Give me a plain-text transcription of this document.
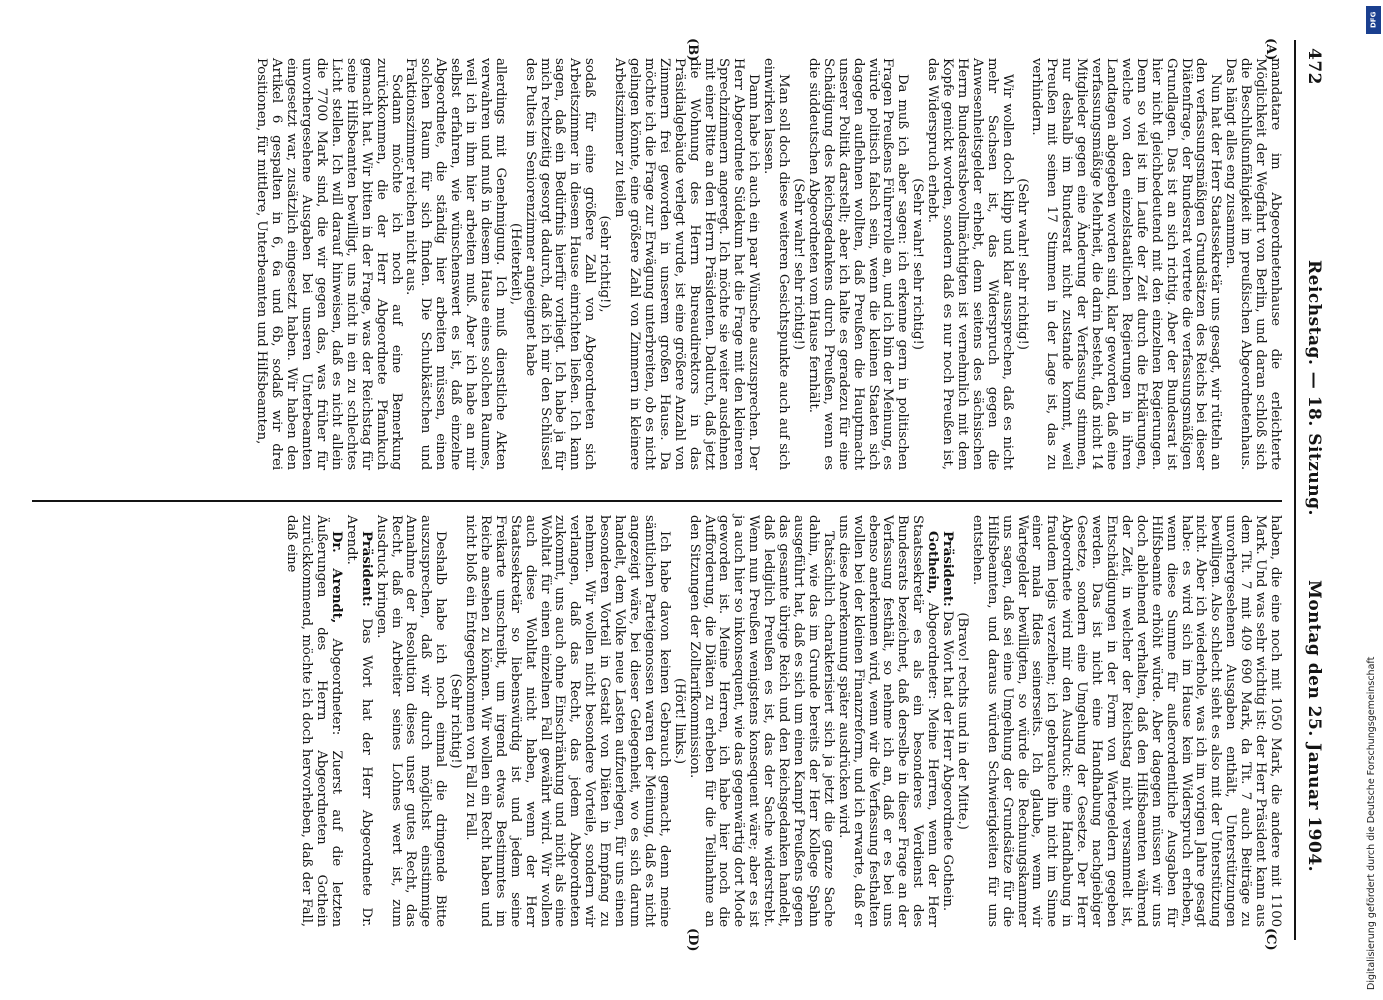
472
Reichstag. — 18. Sitzung.
Montag den 25. Januar 1904.
(A)
(B)
(C)
(D)

mandatare im Abgeordnetenhause die erleichterte Möglichkeit der Wegfahrt von Berlin, und daran schloß sich die Beschlußunfähigkeit im preußischen Abgeordnetenhaus. Das hängt alles eng zusammen.

Nun hat der Herr Staatssekretär uns gesagt, wir rütteln an den verfassungsmäßigen Grundsätzen des Reichs bei dieser Diätenfrage, der Bundesrat vertrete die verfassungsmäßigen Grundlagen. Das ist an sich richtig. Aber der Bundesrat ist hier nicht gleichbedeutend mit den einzelnen Regierungen. Denn so viel ist im Laufe der Zeit durch die Erklärungen, welche von den einzelstaatlichen Regierungen in ihren Landtagen abgegeben worden sind, klar geworden, daß eine verfassungsmäßige Mehrheit, die darin besteht, daß nicht 14 Mitglieder gegen eine Änderung der Verfassung stimmen, nur deshalb im Bundesrat nicht zustande kommt, weil Preußen mit seinen 17 Stimmen in der Lage ist, das zu verhindern.

(Sehr wahr! sehr richtig!)

Wir wollen doch klipp und klar aussprechen, daß es nicht mehr Sachsen ist, das Widerspruch gegen die Anwesenheitsgelder erhebt, denn seitens des sächsischen Herrn Bundesratsbevollmächtigten ist vernehmlich mit dem Kopfe genickt worden, sondern daß es nur noch Preußen ist, das Widerspruch erhebt.

(Sehr wahr! sehr richtig!)

Da muß ich aber sagen: ich erkenne gern in politischen Fragen Preußens Führerrolle an, und ich bin der Meinung, es würde politisch falsch sein, wenn die kleinen Staaten sich dagegen auflehnen wollten, daß Preußen die Hauptmacht unserer Politik darstellt; aber ich halte es geradezu für eine Schädigung des Reichsgedankens durch Preußen, wenn es die süddeutschen Abgeordneten vom Hause fernhält.

(Sehr wahr! sehr richtig!)

Man soll doch diese weiteren Gesichtspunkte auch auf sich einwirken lassen.

Dann habe ich auch ein paar Wünsche auszusprechen. Der Herr Abgeordnete Südekum hat die Frage mit den kleineren Sprechzimmern angeregt. Ich möchte sie weiter ausdehnen mit einer Bitte an den Herrn Präsidenten. Dadurch, daß jetzt die Wohnung des Herrn Bureaudirektors in das Präsidialgebäude verlegt wurde, ist eine größere Anzahl von Zimmern frei geworden in unserem großen Hause. Da möchte ich die Frage zur Erwägung unterbreiten, ob es nicht gelingen könnte, eine größere Zahl von Zimmern in kleinere Arbeitszimmer zu teilen

(sehr richtig!),

sodaß für eine größere Zahl von Abgeordneten sich Arbeitszimmer in diesem Hause einrichten ließen. Ich kann sagen, daß ein Bedürfnis hierfür vorliegt. Ich habe ja für mich rechtzeitig gesorgt dadurch, daß ich mir den Schlüssel des Pultes im Seniorenzimmer angeeignet habe

(Heiterkeit),

allerdings mit Genehmigung. Ich muß dienstliche Akten verwahren und muß in diesem Hause eines solchen Raumes, weil ich in ihm hier arbeiten muß. Aber ich habe an mir selbst erfahren, wie wünschenswert es ist, daß einzelne Abgeordnete, die ständig hier arbeiten müssen, einen solchen Raum für sich finden. Die Schubkästchen und Fraktionszimmer reichen nicht aus.

Sodann möchte ich noch auf eine Bemerkung zurückkommen, die der Herr Abgeordnete Pfannkuch gemacht hat. Wir bitten in der Frage, was der Reichstag für seine Hilfsbeamten bewilligt, uns nicht in ein zu schlechtes Licht stellen. Ich will darauf hinweisen, daß es nicht allein die 7700 Mark sind, die wir gegen das, was früher für unvorhergesehene Ausgaben bei unseren Unterbeamten eingesetzt war, zusätzlich eingesetzt haben. Wir haben den Artikel 6 gespalten in 6, 6a und 6b, sodaß wir drei Positionen, für mittlere, Unterbeamten und Hilfsbeamten,

haben, die eine noch mit 1050 Mark, die andere mit 1100 Mark. Und was sehr wichtig ist: der Herr Präsident kann aus dem Tit. 7 mit 409 690 Mark, da Tit. 7 auch Beiträge zu unvorhergesehenen Ausgaben enthält, Unterstützungen bewilligen. Also schlecht sieht es also mit der Unterstützung nicht. Aber ich wiederhole, was ich im vorigen Jahre gesagt habe: es wird sich im Hause kein Widerspruch erheben, wenn diese Summe für außerordentliche Ausgaben für Hilfsbeamte erhöht würde. Aber dagegen müssen wir uns doch ablehnend verhalten, daß den Hilfsbeamten während der Zeit, in welcher der Reichstag nicht versammelt ist, Entschädigungen in der Form von Wartegeldern gegeben werden. Das ist nicht eine Handhabung nachgiebiger Gesetze, sondern eine Umgehung der Gesetze. Der Herr Abgeordnete wird mir den Ausdruck: eine Handhabung in fraudem legis verzeihen; ich gebrauche ihn nicht im Sinne einer mala fides seinerseits. Ich glaube, wenn wir Wartegelder bewilligten, so würde die Rechnungskammer uns sagen, daß sei eine Umgehung der Grundsätze für die Hilfsbeamten, und daraus würden Schwierigkeiten für uns entstehen.

(Bravo! rechts und in der Mitte.)

Präsident: Das Wort hat der Herr Abgeordnete Gothein.

Gothein, Abgeordneter: Meine Herren, wenn der Herr Staatssekretär es als ein besonderes Verdienst des Bundesrats bezeichnet, daß derselbe in dieser Frage an der Verfassung festhält, so nehme ich an, daß er es bei uns ebenso anerkennen wird, wenn wir die Verfassung festhalten wollen bei der kleinen Finanzreform, und ich erwarte, daß er uns diese Anerkennung später ausdrücken wird.

Tatsächlich charakterisiert sich ja jetzt die ganze Sache dahin, wie das im Grunde bereits der Herr Kollege Spahn ausgeführt hat, daß es sich um einen Kampf Preußens gegen das gesamte übrige Reich und den Reichsgedanken handelt, daß lediglich Preußen es ist, das der Sache widerstrebt. Wenn nun Preußen wenigstens konsequent wäre; aber es ist ja auch hier so inkonsequent, wie das gegenwärtig dort Mode geworden ist. Meine Herren, ich habe hier noch die Aufforderung, die Diäten zu erheben für die Teilnahme an den Sitzungen der Zolltarifkommission.

(Hört! links.)

Ich habe davon keinen Gebrauch gemacht, denn meine sämtlichen Parteigenossen waren der Meinung, daß es nicht angezeigt wäre, bei dieser Gelegenheit, wo es sich darum handelt, dem Volke neue Lasten aufzuerlegen, für uns einen besonderen Vorteil in Gestalt von Diäten in Empfang zu nehmen. Wir wollen nicht besondere Vorteile, sondern wir verlangen, daß das Recht, das jedem Abgeordneten zukommt, uns auch ohne Einschränkung und nicht als eine Wohltat für einen einzelnen Fall gewährt wird. Wir wollen auch diese Wohltat nicht haben, wenn der Herr Staatssekretär so liebenswürdig ist und jedem seine Freikarte umschreibt, um irgend etwas Bestimmtes im Reiche ansehen zu können. Wir wollen ein Recht haben und nicht bloß ein Entgegenkommen von Fall zu Fall.

(Sehr richtig!)

Deshalb habe ich noch einmal die dringende Bitte auszusprechen, daß wir durch möglichst einstimmige Annahme der Resolution dieses unser gutes Recht, das Recht, daß ein Arbeiter seines Lohnes wert ist, zum Ausdruck bringen.

Präsident: Das Wort hat der Herr Abgeordnete Dr. Arendt.

Dr. Arendt, Abgeordneter: Zuerst auf die letzten Äußerungen des Herrn Abgeordneten Gothein zurückkommend, möchte ich doch hervorheben, daß der Fall, daß eine

DFG
Digitalisierung gefördert durch die Deutsche Forschungsgemeinschaft
